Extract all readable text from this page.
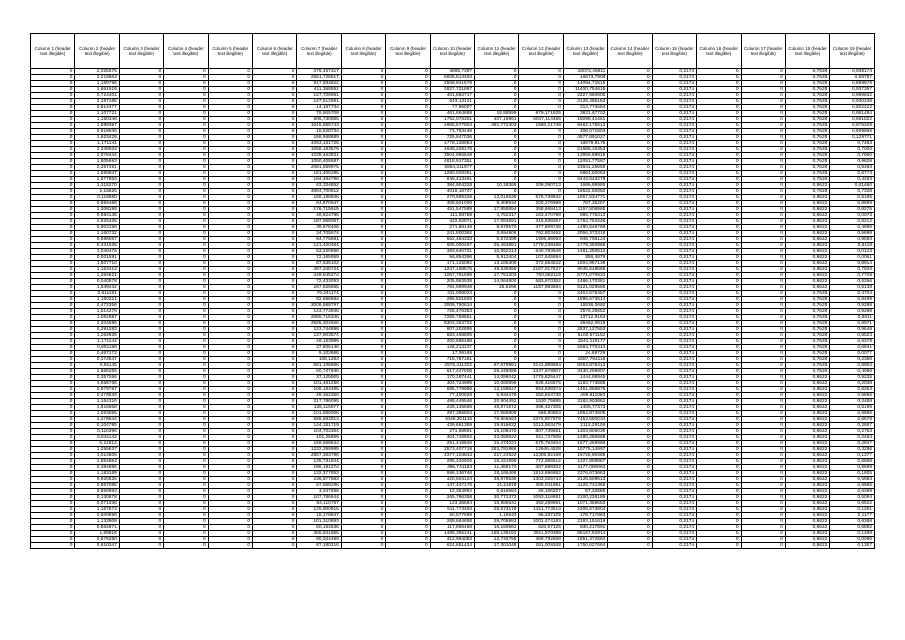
Column 1 (header text illegible)	Column 2 (header text illegible)	Column 3 (header text illegible)	Column 4 (header text illegible)	Column 5 (header text illegible)	Column 6 (header text illegible)	Column 7 (header text illegible)	Column 8 (header text illegible)	Column 9 (header text illegible)	Column 10 (header text illegible)	Column 11 (header text illegible)	Column 12 (header text illegible)	Column 13 (header text illegible)	Column 14 (header text illegible)	Column 15 (header text illegible)	Column 16 (header text illegible)	Column 17 (header text illegible)	Column 18 (header text illegible)	Column 19 (header text illegible)
0	2,025575	0	0	0	0	476,457317	0	0	4895,7397	0	0	18072,45611	0	0,2174	0	0	0,7628	0,939174
0	2,218963	0	0	0	0	2551,726817	0	0	6605,814463	0	0	16573,7908	0	0,2174	0	0	0,7628	0,69757
0	1,189796	0	0	0	0	917,584822	0	0	2508,841678	0	0	14094,71615	0	0,2174	0	0	0,7628	0,859878
0	1,861916	0	0	0	0	411,368552	0	0	2827,721687	0	0	11400,754615	0	0,2174	0	0	0,7628	0,937357
0	0,724401	0	0	0	0	127,709951	0	0	401,862717	0	0	2227,980805	0	0,2174	0	0	0,7628	0,989832
0	2,197188	0	0	0	0	147,612891	0	0	643,13121	0	0	2126,465183	0	0,2174	0	0	0,7628	0,940236
0	0,614477	0	0	0	0	14,187734	0	0	77,96007	0	0	212,774554	0	0,2174	0	0	0,7628	0,602422
0	1,107721	0	0	0	0	76,505708	0	0	461,664888	18,58599	879,171825	3831,67702	0	0,2174	0	0	0,7628	0,951484
0	1,150348	0	0	0	0	606,730565	0	0	1752,075301	407,16961	5047,114455	15099,41461	0	0,2174	0	0	0,7628	0,591822
0	1,898397	0	0	0	0	1615,556743	0	0	2965,577803	391,772303	1560,21748	9462,176613	0	0,2174	0	0	0,7628	0,875328
0	0,918646	0	0	0	0	15,528734	0	0	73,763446	0	0	406,071803	0	0,2174	0	0	0,7628	0,609868
0	1,623429	0	0	0	0	168,568889	0	0	725,847036	0	0	4577,891027	0	0,2174	0	0	0,7628	0,129771
0	1,171141	0	0	0	0	4063,151728	0	0	4778,148983	0	0	18679,8175	0	0,2174	0	0	0,7628	0,7483
0	2,346933	0	0	0	0	1056,163579	0	0	4945,225176	0	0	21565,16353	0	0,2174	0	0	0,7628	0,7003
0	2,078444	0	0	0	0	1039,463931	0	0	3504,966648	0	0	13959,59818	0	0,2174	0	0	0,7628	0,7960
0	1,805693	0	0	0	0	1050,408687	0	0	4818,917351	0	0	12051,77587	0	0,2174	0	0	0,7628	0,9829
0	2,257491	0	0	0	0	2081,559975	0	0	5564,311977	0	0	23641,25658	0	0,2174	0	0	0,7628	0,5483
0	1,589947	0	0	0	0	161,405395	0	0	1280,928351	0	0	5864,62063	0	0,2174	0	0	0,7628	0,6773
0	1,677863	0	0	0	0	194,484798	0	0	845,413481	0	0	5443,643278	0	0,2174	0	0	0,7628	0,4483
0	1,315270	0	0	0	0	63,334852	0	0	384,904328	10,18369	209,090713	1695,85985	0	0,2174	0	0	0,8622	0,01460
0	2,15625	0	0	0	0	3084,700812	0	0	4019,16747	0	0	16522,50082	0	0,2174	0	0	0,7628	0,7328
0	0,118880	0	0	0	0	166,186948	0	0	279,585326	13,015638	576,739632	1657,534771	0	0,2174	0	0	0,8622	0,5185
0	0,684458	0	0	0	0	64,670547	0	0	308,601006	8,408934	200,276999	767,36207	0	0,2174	0	0	0,8622	0,8689
0	1,308195	0	0	0	0	176,715915	0	0	451,547589	17,859554	358,668413	1157,806885	0	0,2174	0	0	0,8622	0,8275
0	0,694136	0	0	0	0	48,624795	0	0	111,58758	4,752317	163,470799	966,775413	0	0,2174	0	0	0,8622	0,0073
0	1,626436	0	0	0	0	187,968067	0	0	422,92871	17,083591	315,838367	1754,753246	0	0,2174	0	0	0,8622	0,8212
0	0,903158	0	0	0	0	39,678406	0	0	271,86146	9,679573	477,809738	1480,546788	0	0,2174	0	0	0,8622	0,4896
0	1,160732	0	0	0	0	34,705574	0	0	241,800392	3,694906	762,803452	2056,373318	0	0,2174	0	0	0,8622	0,5698
0	0,696067	0	0	0	0	84,775691	0	0	562,484333	5,572399	1906,86093	946,758124	0	0,2174	0	0	0,8622	0,9093
0	0,431536	0	0	0	0	121,420484	0	0	605,000497	26,463861	1779,238488	1779,383986	0	0,2174	0	0	0,8622	0,6118
0	1,046375	0	0	0	0	53,220868	0	0	383,640731	10,652213	640,783546	1461,250512	0	0,2174	0	0	0,8622	0,0123
0	0,001591	0	0	0	0	72,165959	0	0	56,854396	5,912404	107,845894	856,4879	0	0,2174	0	0	0,8622	0,0061
0	1,607710	0	0	0	0	87,535102	0	0	171,125092	13,185309	372,854642	1604,967139	0	0,2174	0	0	0,8622	0,8914
0	1,163413	0	0	0	0	487,345724	0	0	1247,168576	49,635958	2167,017637	9046,549585	0	0,2174	0	0	0,8622	0,7933
0	1,264621	0	0	0	0	449,645274	0	0	1067,761596	17,751203	760,582119	5771,070633	0	0,2174	0	0	0,8622	0,7728
0	0,040578	0	0	0	0	72,433093	0	0	205,963938	14,064600	583,870362	1486,170381	0	0,2174	0	0	0,8622	0,5256
0	1,649432	0	0	0	0	167,825655	0	0	764,689936	25,8296	1157,983684	5121,029585	0	0,2174	0	0	0,8622	0,5138
0	0,611191	0	0	0	0	79,341174	0	0	311,059023	0	0	2404,576457	0	0,2174	0	0	0,7628	0,4704
0	1,150221	0	0	0	0	82,856684	0	0	298,501826	0	0	1695,673614	0	0,2174	0	0	0,7628	0,8499
0	2,472356	0	0	0	0	3006,588797	0	0	3006,750634	0	0	16536,0692	0	0,2174	0	0	0,7628	0,9288
0	1,514279	0	0	0	0	143,773948	0	0	725,476353	0	0	2576,25652	0	0,2174	0	0	0,7628	0,9288
0	1,062887	0	0	0	0	2065,715346	0	0	7255,768561	0	0	13712,8163	0	0,2174	0	0	0,7628	0,5811
0	2,204595	0	0	0	0	3585,304926	0	0	6303,363702	0	0	29462,0618	0	0,2174	0	0	0,7628	0,8971
0	0,291283	0	0	0	0	123,744898	0	0	807,202895	0	0	2837,127553	0	0,2174	0	0	0,7628	0,9648
0	1,264925	0	0	0	0	137,903574	0	0	583,468805	0	0	5100,571162	0	0,2174	0	0	0,7628	0,8523
0	1,171144	0	0	0	0	49,153989	0	0	200,685468	0	0	1541,119177	0	0,2174	0	0	0,7628	0,9378
0	0,881158	0	0	0	0	37,605148	0	0	126,214137	0	0	2563,770413	0	0,2174	0	0	0,7628	0,6841
0	0,467172	0	0	0	0	9,102666	0	0	17,06169	0	0	24,69729	0	0,2174	0	0	0,7628	0,0077
0	0,172547	0	0	0	0	108,1263	0	0	715,787181	0	0	1687,794116	0	0,2174	0	0	0,7628	0,2398
0	0,81145	0	0	0	0	581,106898	0	0	2875,311322	87,679961	3141,889684	8254,878413	0	0,2174	0	0	0,7628	0,8963
0	1,666255	0	0	0	0	60,747946	0	0	517,447506	28,245086	1347,678807	3430,208907	0	0,2174	0	0	0,7628	0,4066
0	0,357266	0	0	0	0	37,125905	0	0	170,187441	14,086042	1775,825447	1444,66945	0	0,2174	0	0	0,8622	0,9235
0	1,658765	0	0	0	0	101,461258	0	0	304,724996	10,060696	928,416575	1183,773588	0	0,2174	0	0	0,8622	0,2038
0	0,979767	0	0	0	0	106,164495	0	0	596,779966	12,158627	953,638374	1451,856875	0	0,2174	0	0	0,8622	0,6253
0	0,479539	0	0	0	0	49,352359	0	0	77,400828	5,834479	250,824738	499,811083	0	0,2174	0	0	0,8622	0,5856
0	1,164316	0	0	0	0	217,786095	0	0	489,449546	20,904492	1530,75895	3162,903661	0	0,2174	0	0	0,8622	0,3488
0	1,616668	0	0	0	0	125,116977	0	0	228,145665	48,671572	396,427305	1406,77373	0	0,2174	0	0	0,8622	0,5196
0	1,093555	0	0	0	0	101,566008	0	0	297,366604	17,669909	568,80863	1954,873505	0	0,2174	0	0	0,8622	0,9885
0	1,478544	0	0	0	0	655,593013	0	0	1049,301115	78,605563	2375,807579	7452,550034	0	0,2174	0	0	0,8622	0,6679
0	0,104785	0	0	0	0	144,151719	0	0	439,661359	19,616622	1013,563479	2113,29106	0	0,2174	0	0	0,8622	0,2687
0	0,110396	0	0	0	0	104,703364	0	0	271,88691	15,106470	807,739661	1303,806039	0	0,2174	0	0	0,8622	0,2763
0	0,631142	0	0	0	0	101,26859	0	0	304,716892	33,058922	611,737508	1380,286688	0	0,2174	0	0	0,8622	0,2454
0	0,21612	0	0	0	0	159,566843	0	0	251,415646	15,474021	675,793404	1577,466969	0	0,2174	0	0	0,8622	0,2847
0	1,255637	0	0	0	0	1232,399985	0	0	2573,407719	283,791966	12946,4528	10775,14897	0	0,2174	0	0	0,8622	0,3286
0	1,014508	0	0	0	0	2667,363796	0	0	4377,103843	217,24922	12306,82169	19725,90389	0	0,2174	0	0	0,8622	0,1377
0	1,654864	0	0	0	0	135,731844	0	0	295,420926	16,421699	772,666612	1327,809887	0	0,2174	0	0	0,8622	0,6869
0	0,484685	0	0	0	0	196,191274	0	0	396,741183	11,469173	387,689302	1177,080063	0	0,2174	0	0	0,8622	0,8699
0	1,183189	0	0	0	0	132,377853	0	0	596,136748	18,166468	1513,696862	2376,673663	0	0,2174	0	0	0,8622	0,1805
0	0,920526	0	0	0	0	236,577583	0	0	420,504124	36,879536	1303,025743	2126,509613	0	0,2174	0	0	0,8622	0,5983
0	0,987088	0	0	0	0	57,568298	0	0	147,447176	21,11978	306,041661	1125,741366	0	0,2174	0	0	0,8622	0,9985
0	0,656993	0	0	0	0	3,347658	0	0	12,354992	0,616584	26,186207	57,32688	0	0,2174	0	0	0,8622	0,6369
0	0,130878	0	0	0	0	107,786644	0	0	265,766358	30,771373	1093,316861	2100,236189	0	0,2174	0	0	0,8622	0,5084
0	0,071336	0	0	0	0	84,110757	0	0	123,36684	16,885531	350,289961	1071,356683	0	0,2174	0	0	0,8622	0,6622
0	1,167573	0	0	0	0	125,900815	0	0	511,773463	26,573178	1311,773513	2306,673604	0	0,2174	0	0	0,8622	0,1261
0	0,600698	0	0	0	0	15,178847	0	0	50,677598	1,15643	86,337105	178,717863	0	0,2174	0	0	0,8622	0,1177
0	1,133908	0	0	0	0	101,310893	0	0	268,864658	28,705983	1001,474163	2193,151619	0	0,2174	0	0	0,8622	0,8398
0	0,564871	0	0	0	0	50,154636	0	0	117,856458	16,169561	520,57125	830,217891	0	0,2174	0	0	0,8622	0,6882
0	1,69816	0	0	0	0	355,541555	0	0	1485,355141	168,138162	3911,970398	58167,92914	0	0,2174	0	0	0,8622	0,1489
0	0,678250	0	0	0	0	90,344499	0	0	312,994083	12,745756	368,792569	1851,372684	0	0,2174	0	0	0,8622	0,0086
0	0,610347	0	0	0	0	87,180316	0	0	624,651424	17,301048	261,009348	1750,627664	0	0,2174	0	0	0,8622	0,1367
